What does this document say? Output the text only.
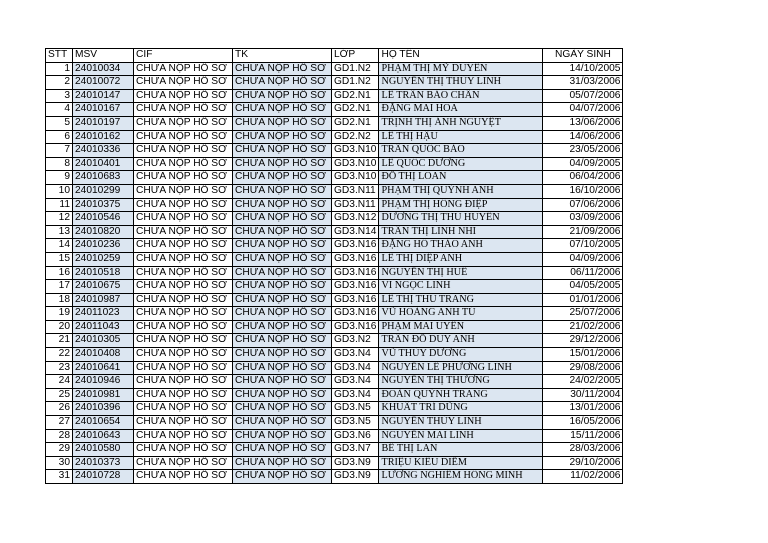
STT	MSV	CIF	TK	LỚP	HỌ TÊN	NGÀY SINH
1	24010034	CHƯA NỘP HỒ SƠ	CHƯA NỘP HỒ SƠ	GD1.N2	PHẠM THỊ MỸ DUYÊN	14/10/2005
2	24010072	CHƯA NỘP HỒ SƠ	CHƯA NỘP HỒ SƠ	GD1.N2	NGUYỄN THỊ THÙY LINH	31/03/2006
3	24010147	CHƯA NỘP HỒ SƠ	CHƯA NỘP HỒ SƠ	GD2.N1	LÊ TRẦN BẢO CHÂN	05/07/2006
4	24010167	CHƯA NỘP HỒ SƠ	CHƯA NỘP HỒ SƠ	GD2.N1	ĐẶNG MAI HOA	04/07/2006
5	24010197	CHƯA NỘP HỒ SƠ	CHƯA NỘP HỒ SƠ	GD2.N1	TRỊNH THỊ ÁNH NGUYỆT	13/06/2006
6	24010162	CHƯA NỘP HỒ SƠ	CHƯA NỘP HỒ SƠ	GD2.N2	LÊ THỊ HẬU	14/06/2006
7	24010336	CHƯA NỘP HỒ SƠ	CHƯA NỘP HỒ SƠ	GD3.N10	TRẦN QUỐC BẢO	23/05/2006
8	24010401	CHƯA NỘP HỒ SƠ	CHƯA NỘP HỒ SƠ	GD3.N10	LÊ QUỐC DƯƠNG	04/09/2005
9	24010683	CHƯA NỘP HỒ SƠ	CHƯA NỘP HỒ SƠ	GD3.N10	ĐỖ THỊ LOAN	06/04/2006
10	24010299	CHƯA NỘP HỒ SƠ	CHƯA NỘP HỒ SƠ	GD3.N11	PHẠM THỊ QUỲNH ANH	16/10/2006
11	24010375	CHƯA NỘP HỒ SƠ	CHƯA NỘP HỒ SƠ	GD3.N11	PHẠM THỊ HỒNG ĐIỆP	07/06/2006
12	24010546	CHƯA NỘP HỒ SƠ	CHƯA NỘP HỒ SƠ	GD3.N12	DƯƠNG THỊ THU HUYỀN	03/09/2006
13	24010820	CHƯA NỘP HỒ SƠ	CHƯA NỘP HỒ SƠ	GD3.N14	TRẦN THỊ LINH NHI	21/09/2006
14	24010236	CHƯA NỘP HỒ SƠ	CHƯA NỘP HỒ SƠ	GD3.N16	ĐẶNG HỒ THẢO ANH	07/10/2005
15	24010259	CHƯA NỘP HỒ SƠ	CHƯA NỘP HỒ SƠ	GD3.N16	LÊ THỊ DIỆP ANH	04/09/2006
16	24010518	CHƯA NỘP HỒ SƠ	CHƯA NỘP HỒ SƠ	GD3.N16	NGUYỄN THỊ HUẾ	06/11/2006
17	24010675	CHƯA NỘP HỒ SƠ	CHƯA NỘP HỒ SƠ	GD3.N16	VI NGỌC LINH	04/05/2005
18	24010987	CHƯA NỘP HỒ SƠ	CHƯA NỘP HỒ SƠ	GD3.N16	LÊ THỊ THU TRANG	01/01/2006
19	24011023	CHƯA NỘP HỒ SƠ	CHƯA NỘP HỒ SƠ	GD3.N16	VŨ HOÀNG ANH TÚ	25/07/2006
20	24011043	CHƯA NỘP HỒ SƠ	CHƯA NỘP HỒ SƠ	GD3.N16	PHẠM MAI UYÊN	21/02/2006
21	24010305	CHƯA NỘP HỒ SƠ	CHƯA NỘP HỒ SƠ	GD3.N2	TRẦN ĐỖ DUY ANH	29/12/2006
22	24010408	CHƯA NỘP HỒ SƠ	CHƯA NỘP HỒ SƠ	GD3.N4	VŨ THÙY DƯƠNG	15/01/2006
23	24010641	CHƯA NỘP HỒ SƠ	CHƯA NỘP HỒ SƠ	GD3.N4	NGUYỄN LÊ PHƯƠNG LINH	29/08/2006
24	24010946	CHƯA NỘP HỒ SƠ	CHƯA NỘP HỒ SƠ	GD3.N4	NGUYỄN THỊ THƯƠNG	24/02/2005
25	24010981	CHƯA NỘP HỒ SƠ	CHƯA NỘP HỒ SƠ	GD3.N4	ĐOÀN QUỲNH TRANG	30/11/2004
26	24010396	CHƯA NỘP HỒ SƠ	CHƯA NỘP HỒ SƠ	GD3.N5	KHUẤT TRÍ DŨNG	13/01/2006
27	24010654	CHƯA NỘP HỒ SƠ	CHƯA NỘP HỒ SƠ	GD3.N5	NGUYỄN THÙY LINH	16/05/2006
28	24010643	CHƯA NỘP HỒ SƠ	CHƯA NỘP HỒ SƠ	GD3.N6	NGUYỄN MAI LINH	15/11/2006
29	24010580	CHƯA NỘP HỒ SƠ	CHƯA NỘP HỒ SƠ	GD3.N7	BẾ THỊ LAN	28/03/2006
30	24010373	CHƯA NỘP HỒ SƠ	CHƯA NỘP HỒ SƠ	GD3.N9	TRIỆU KIỀU DIỄM	29/10/2006
31	24010728	CHƯA NỘP HỒ SƠ	CHƯA NỘP HỒ SƠ	GD3.N9	LƯƠNG NGHIÊM HỒNG MINH	11/02/2006
